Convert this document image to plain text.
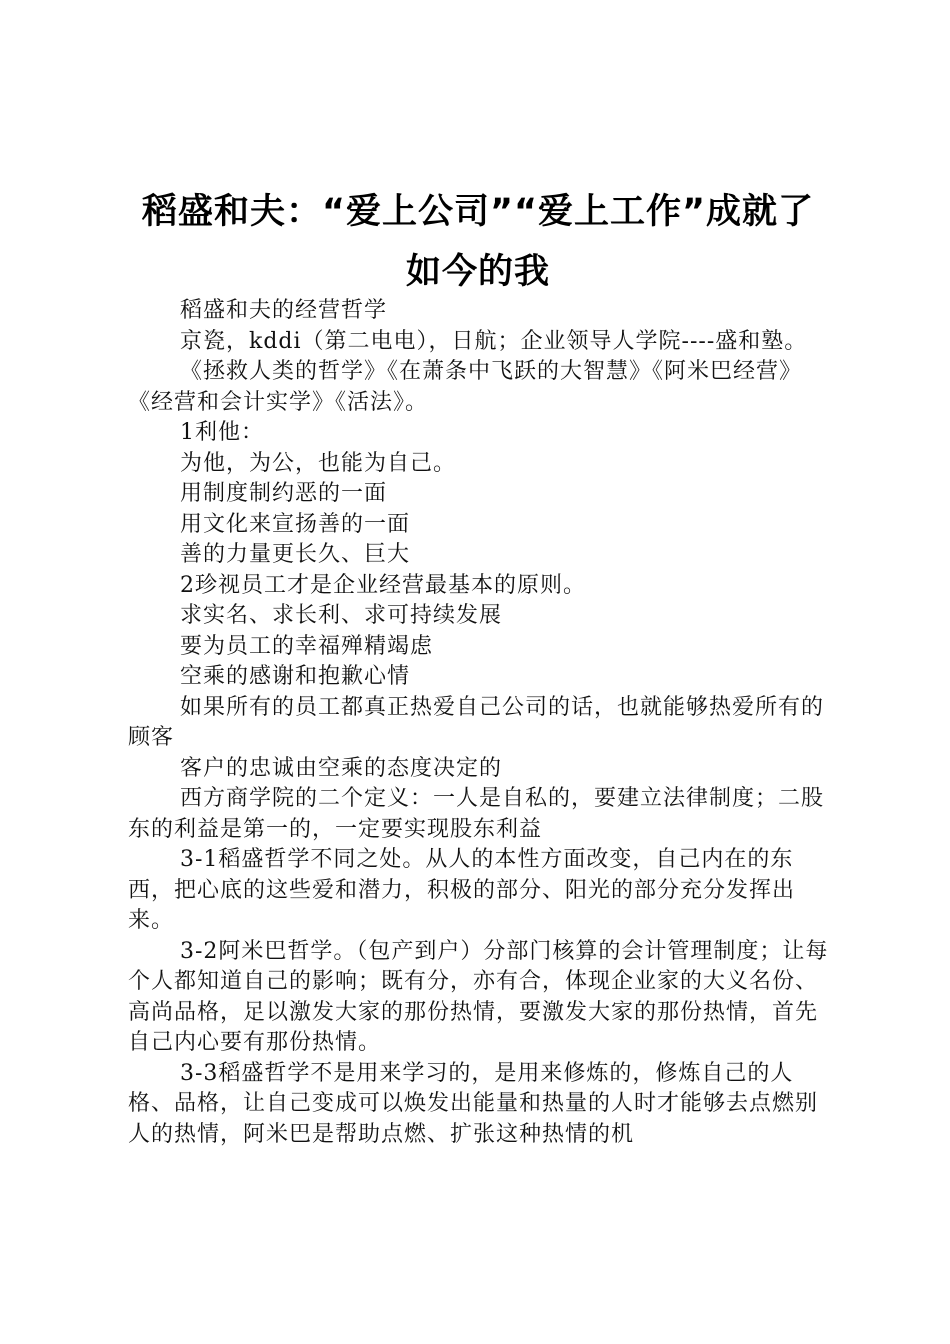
稻盛和夫：“爱上公司”“爱上工作”成就了如今的我

稻盛和夫的经营哲学

京瓷，kddi（第二电电），日航；企业领导人学院----盛和塾。

《拯救人类的哲学》《在萧条中飞跃的大智慧》《阿米巴经营》《经营和会计实学》《活法》。

1利他：

为他，为公，也能为自己。

用制度制约恶的一面

用文化来宣扬善的一面

善的力量更长久、巨大

2珍视员工才是企业经营最基本的原则。

求实名、求长利、求可持续发展

要为员工的幸福殚精竭虑

空乘的感谢和抱歉心情

如果所有的员工都真正热爱自己公司的话，也就能够热爱所有的顾客

客户的忠诚由空乘的态度决定的

西方商学院的二个定义：一人是自私的，要建立法律制度；二股东的利益是第一的，一定要实现股东利益

3-1稻盛哲学不同之处。从人的本性方面改变，自己内在的东西，把心底的这些爱和潜力，积极的部分、阳光的部分充分发挥出来。

3-2阿米巴哲学。（包产到户）分部门核算的会计管理制度；让每个人都知道自己的影响；既有分，亦有合，体现企业家的大义名份、高尚品格，足以激发大家的那份热情，要激发大家的那份热情，首先自己内心要有那份热情。

3-3稻盛哲学不是用来学习的，是用来修炼的，修炼自己的人格、品格，让自己变成可以焕发出能量和热量的人时才能够去点燃别人的热情，阿米巴是帮助点燃、扩张这种热情的机
